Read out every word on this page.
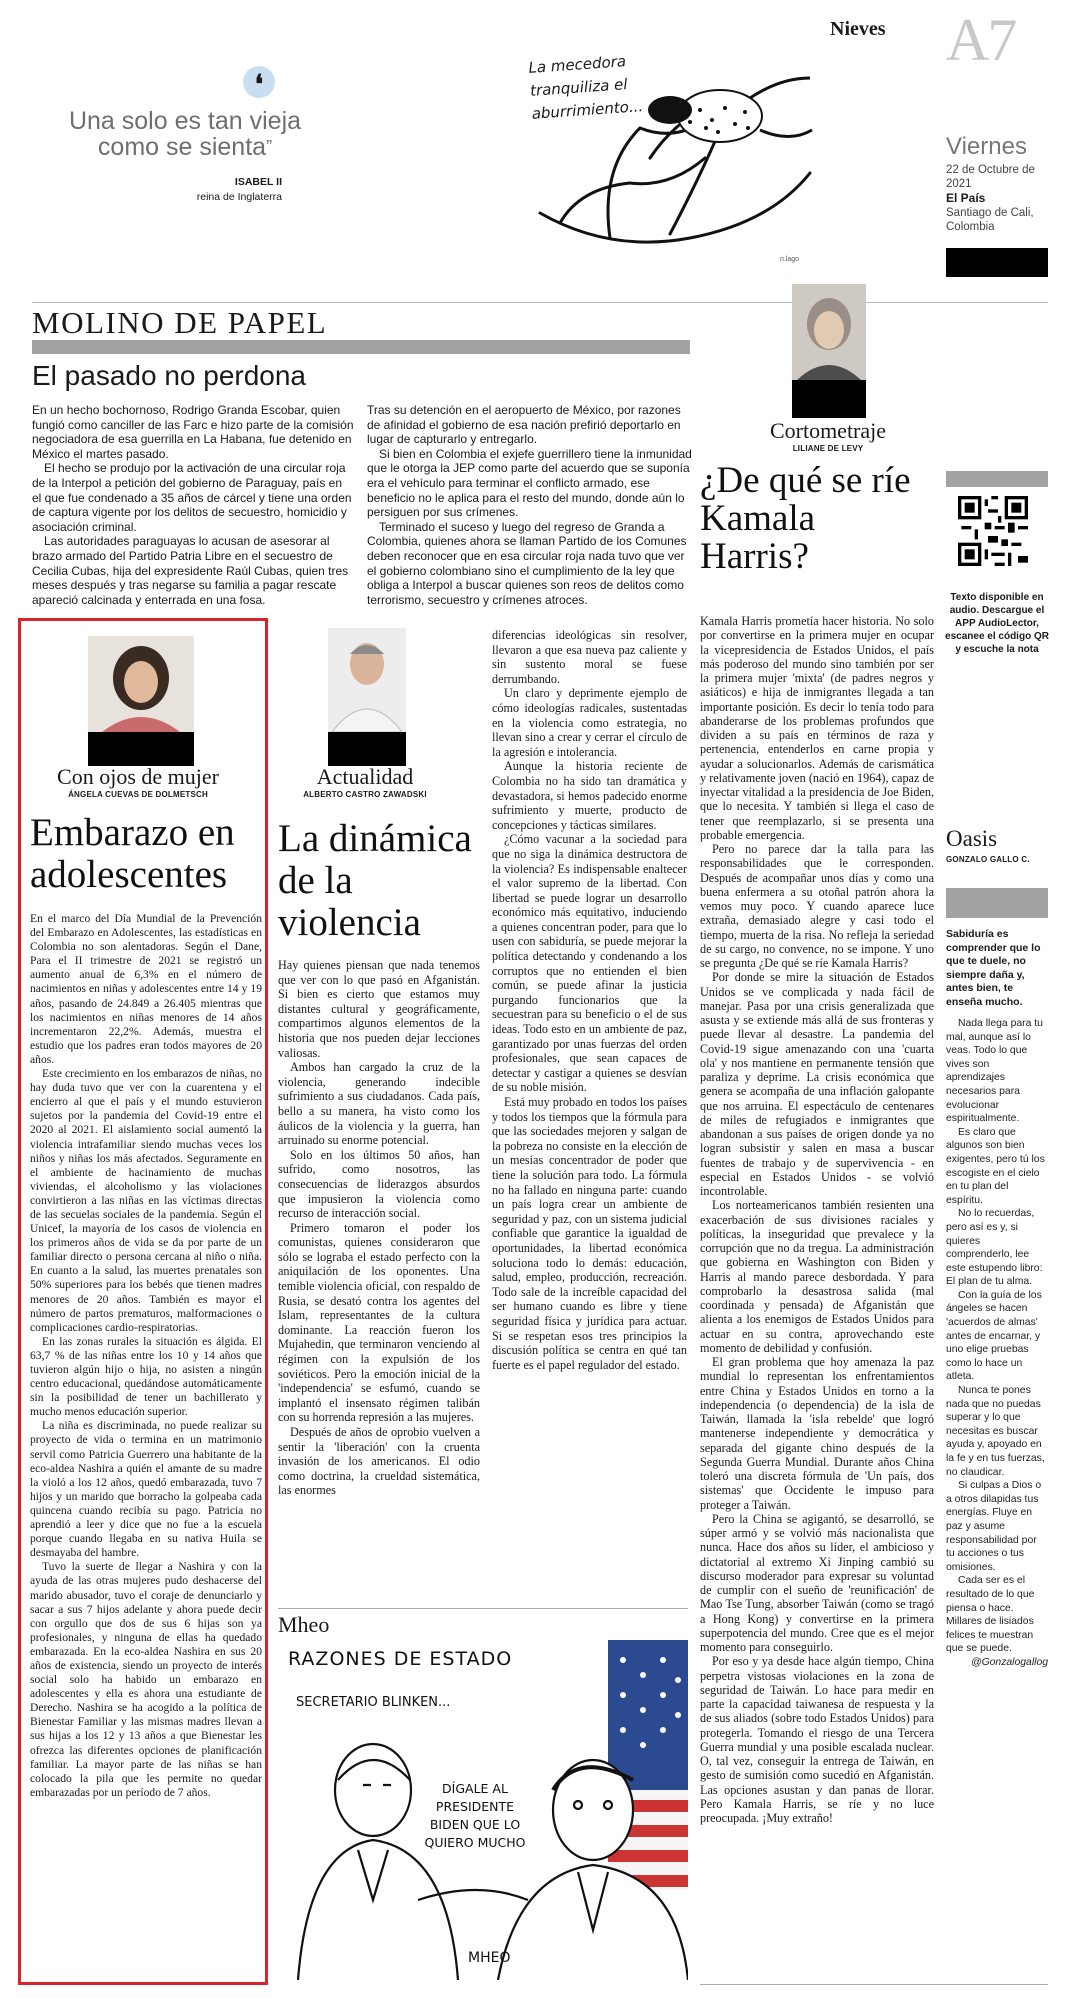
❛
Una solo es tan vieja
como se sienta”
ISABEL II
reina de Inglaterra
Nieves
La mecedora tranquiliza el aburrimiento...
n.lago
A7
Viernes
22 de Octubre de 2021
El País
Santiago de Cali, Colombia
MOLINO DE PAPEL
El pasado no perdona

En un hecho bochornoso, Rodrigo Granda Escobar, quien fungió como canciller de las Farc e hizo parte de la comisión negociadora de esa guerrilla en La Habana, fue detenido en México el martes pasado.

El hecho se produjo por la activación de una circular roja de la Interpol a petición del gobierno de Paraguay, país en el que fue condenado a 35 años de cárcel y tiene una orden de captura vigente por los delitos de secuestro, homicidio y asociación criminal.

Las autoridades paraguayas lo acusan de asesorar al brazo armado del Partido Patria Libre en el secuestro de Cecilia Cubas, hija del expresidente Raúl Cubas, quien tres meses después y tras negarse su familia a pagar rescate apareció calcinada y enterrada en una fosa.

Tras su detención en el aeropuerto de México, por razones de afinidad el gobierno de esa nación prefirió deportarlo en lugar de capturarlo y entregarlo.

Si bien en Colombia el exjefe guerrillero tiene la inmunidad que le otorga la JEP como parte del acuerdo que se suponía era el vehículo para terminar el conflicto armado, ese beneficio no le aplica para el resto del mundo, donde aún lo persiguen por sus crímenes.

Terminado el suceso y luego del regreso de Granda a Colombia, quienes ahora se llaman Partido de los Comunes deben reconocer que en esa circular roja nada tuvo que ver el gobierno colombiano sino el cumplimiento de la ley que obliga a Interpol a buscar quienes son reos de delitos como terrorismo, secuestro y crímenes atroces.

Cortometraje
LILIANE DE LEVY
¿De qué se ríe Kamala Harris?

Kamala Harris prometía hacer historia. No solo por convertirse en la primera mujer en ocupar la vicepresidencia de Estados Unidos, el país más poderoso del mundo sino también por ser la primera mujer 'mixta' (de padres negros y asiáticos) e hija de inmigrantes llegada a tan importante posición. Es decir lo tenía todo para abanderarse de los problemas profundos que dividen a su país en términos de raza y pertenencia, entenderlos en carne propia y ayudar a solucionarlos. Además de carismática y relativamente joven (nació en 1964), capaz de inyectar vitalidad a la presidencia de Joe Biden, que lo necesita. Y también si llega el caso de tener que reemplazarlo, si se presenta una probable emergencia.

Pero no parece dar la talla para las responsabilidades que le corresponden. Después de acompañar unos días y como una buena enfermera a su otoñal patrón ahora la vemos muy poco. Y cuando aparece luce extraña, demasiado alegre y casi todo el tiempo, muerta de la risa. No refleja la seriedad de su cargo, no convence, no se impone. Y uno se pregunta ¿De qué se ríe Kamala Harris?

Por donde se mire la situación de Estados Unidos se ve complicada y nada fácil de manejar. Pasa por una crisis generalizada que asusta y se extiende más allá de sus fronteras y puede llevar al desastre. La pandemia del Covid-19 sigue amenazando con una 'cuarta ola' y nos mantiene en permanente tensión que paraliza y deprime. La crisis económica que genera se acompaña de una inflación galopante que nos arruina. El espectáculo de centenares de miles de refugiados e inmigrantes que abandonan a sus países de origen donde ya no logran subsistir y salen en masa a buscar fuentes de trabajo y de supervivencia - en especial en Estados Unidos - se volvió incontrolable.

Los norteamericanos también resienten una exacerbación de sus divisiones raciales y políticas, la inseguridad que prevalece y la corrupción que no da tregua. La administración que gobierna en Washington con Biden y Harris al mando parece desbordada. Y para comprobarlo la desastrosa salida (mal coordinada y pensada) de Afganistán que alienta a los enemigos de Estados Unidos para actuar en su contra, aprovechando este momento de debilidad y confusión.

El gran problema que hoy amenaza la paz mundial lo representan los enfrentamientos entre China y Estados Unidos en torno a la independencia (o dependencia) de la isla de Taiwán, llamada la 'isla rebelde' que logró mantenerse independiente y democrática y separada del gigante chino después de la Segunda Guerra Mundial. Durante años China toleró una discreta fórmula de 'Un país, dos sistemas' que Occidente le impuso para proteger a Taiwán.

Pero la China se agigantó, se desarrolló, se súper armó y se volvió más nacionalista que nunca. Hace dos años su líder, el ambicioso y dictatorial al extremo Xi Jinping cambió su discurso moderador para expresar su voluntad de cumplir con el sueño de 'reunificación' de Mao Tse Tung, absorber Taiwán (como se tragó a Hong Kong) y convertirse en la primera superpotencia del mundo. Cree que es el mejor momento para conseguirlo.

Por eso y ya desde hace algún tiempo, China perpetra vistosas violaciones en la zona de seguridad de Taiwán. Lo hace para medir en parte la capacidad taiwanesa de respuesta y la de sus aliados (sobre todo Estados Unidos) para protegerla. Tomando el riesgo de una Tercera Guerra mundial y una posible escalada nuclear. O, tal vez, conseguir la entrega de Taiwán, en gesto de sumisión como sucedió en Afganistán. Las opciones asustan y dan panas de llorar. Pero Kamala Harris, se ríe y no luce preocupada. ¡Muy extraño!

Texto disponible en audio. Descargue el APP AudioLector, escanee el código QR y escuche la nota
Oasis
GONZALO GALLO C.
Sabiduría es comprender que lo que te duele, no siempre daña y, antes bien, te enseña mucho.

Nada llega para tu mal, aunque así lo veas. Todo lo que vives son aprendizajes necesarios para evolucionar espiritualmente.

Es claro que algunos son bien exigentes, pero tú los escogiste en el cielo en tu plan del espíritu.

No lo recuerdas, pero así es y, si quieres comprenderlo, lee este estupendo libro: El plan de tu alma.

Con la guía de los ángeles se hacen 'acuerdos de almas' antes de encarnar, y uno elige pruebas como lo hace un atleta.

Nunca te pones nada que no puedas superar y lo que necesitas es buscar ayuda y, apoyado en la fe y en tus fuerzas, no claudicar.

Si culpas a Dios o a otros dilapidas tus energías. Fluye en paz y asume responsabilidad por tu acciones o tus omisiones.

Cada ser es el resultado de lo que piensa o hace. Millares de lisiados felices te muestran que se puede.

@Gonzalogallog

Con ojos de mujer
ÁNGELA CUEVAS DE DOLMETSCH
Embarazo en adolescentes

En el marco del Día Mundial de la Prevención del Embarazo en Adolescentes, las estadísticas en Colombia no son alentadoras. Según el Dane, Para el II trimestre de 2021 se registró un aumento anual de 6,3% en el número de nacimientos en niñas y adolescentes entre 14 y 19 años, pasando de 24.849 a 26.405 mientras que los nacimientos en niñas menores de 14 años incrementaron 22,2%. Además, muestra el estudio que los padres eran todos mayores de 20 años.

Este crecimiento en los embarazos de niñas, no hay duda tuvo que ver con la cuarentena y el encierro al que el país y el mundo estuvieron sujetos por la pandemia del Covid-19 entre el 2020 al 2021. El aislamiento social aumentó la violencia intrafamiliar siendo muchas veces los niños y niñas los más afectados. Seguramente en el ambiente de hacinamiento de muchas viviendas, el alcoholismo y las violaciones convirtieron a las niñas en las víctimas directas de las secuelas sociales de la pandemia. Según el Unicef, la mayoría de los casos de violencia en los primeros años de vida se da por parte de un familiar directo o persona cercana al niño o niña. En cuanto a la salud, las muertes prenatales son 50% superiores para los bebés que tienen madres menores de 20 años. También es mayor el número de partos prematuros, malformaciones o complicaciones cardio-respiratorias.

En las zonas rurales la situación es álgida. El 63,7 % de las niñas entre los 10 y 14 años que tuvieron algún hijo o hija, no asisten a ningún centro educacional, quedándose automáticamente sin la posibilidad de tener un bachillerato y mucho menos educación superior.

La niña es discriminada, no puede realizar su proyecto de vida o termina en un matrimonio servil como Patricia Guerrero una habitante de la eco-aldea Nashira a quién el amante de su madre la violó a los 12 años, quedó embarazada, tuvo 7 hijos y un marido que borracho la golpeaba cada quincena cuando recibía su pago. Patricia no aprendió a leer y dice que no fue a la escuela porque cuando llegaba en su nativa Huila se desmayaba del hambre.

Tuvo la suerte de llegar a Nashira y con la ayuda de las otras mujeres pudo deshacerse del marido abusador, tuvo el coraje de denunciarlo y sacar a sus 7 hijos adelante y ahora puede decir con orgullo que dos de sus 6 hijas son ya profesionales, y ninguna de ellas ha quedado embarazada. En la eco-aldea Nashira en sus 20 años de existencia, siendo un proyecto de interés social solo ha habido un embarazo en adolescentes y ella es ahora una estudiante de Derecho. Nashira se ha acogido a la política de Bienestar Familiar y las mismas madres llevan a sus hijas a los 12 y 13 años a que Bienestar les ofrezca las diferentes opciones de planificación familiar. La mayor parte de las niñas se han colocado la pila que les permite no quedar embarazadas por un período de 7 años.

Actualidad
ALBERTO CASTRO ZAWADSKI
La dinámica de la violencia

Hay quienes piensan que nada tenemos que ver con lo que pasó en Afganistán. Si bien es cierto que estamos muy distantes cultural y geográficamente, compartimos algunos elementos de la historia que nos pueden dejar lecciones valiosas.

Ambos han cargado la cruz de la violencia, generando indecible sufrimiento a sus ciudadanos. Cada país, bello a su manera, ha visto como los áulicos de la violencia y la guerra, han arruinado su enorme potencial.

Solo en los últimos 50 años, han sufrido, como nosotros, las consecuencias de liderazgos absurdos que impusieron la violencia como recurso de interacción social.

Primero tomaron el poder los comunistas, quienes consideraron que sólo se lograba el estado perfecto con la aniquilación de los oponentes. Una temible violencia oficial, con respaldo de Rusia, se desató contra los agentes del Islam, representantes de la cultura dominante. La reacción fueron los Mujahedin, que terminaron venciendo al régimen con la expulsión de los soviéticos. Pero la emoción inicial de la 'independencia' se esfumó, cuando se implantó el insensato régimen talibán con su horrenda represión a las mujeres.

Después de años de oprobio vuelven a sentir la 'liberación' con la cruenta invasión de los americanos. El odio como doctrina, la crueldad sistemática, las enormes

diferencias ideológicas sin resolver, llevaron a que esa nueva paz caliente y sin sustento moral se fuese derrumbando.

Un claro y deprimente ejemplo de cómo ideologías radicales, sustentadas en la violencia como estrategia, no llevan sino a crear y cerrar el círculo de la agresión e intolerancia.

Aunque la historia reciente de Colombia no ha sido tan dramática y devastadora, si hemos padecido enorme sufrimiento y muerte, producto de concepciones y tácticas similares.

¿Cómo vacunar a la sociedad para que no siga la dinámica destructora de la violencia? Es indispensable enaltecer el valor supremo de la libertad. Con libertad se puede lograr un desarrollo económico más equitativo, induciendo a quienes concentran poder, para que lo usen con sabiduría, se puede mejorar la política detectando y condenando a los corruptos que no entienden el bien común, se puede afinar la justicia purgando funcionarios que la secuestran para su beneficio o el de sus ideas. Todo esto en un ambiente de paz, garantizado por unas fuerzas del orden profesionales, que sean capaces de detectar y castigar a quienes se desvían de su noble misión.

Está muy probado en todos los países y todos los tiempos que la fórmula para que las sociedades mejoren y salgan de la pobreza no consiste en la elección de un mesías concentrador de poder que tiene la solución para todo. La fórmula no ha fallado en ninguna parte: cuando un país logra crear un ambiente de seguridad y paz, con un sistema judicial confiable que garantice la igualdad de oportunidades, la libertad económica soluciona todo lo demás: educación, salud, empleo, producción, recreación. Todo sale de la increíble capacidad del ser humano cuando es libre y tiene seguridad física y jurídica para actuar. Si se respetan esos tres principios la discusión política se centra en qué tan fuerte es el papel regulador del estado.

Mheo
RAZONES DE ESTADO
SECRETARIO BLINKEN...
DÍGALE AL PRESIDENTE BIDEN QUE LO QUIERO MUCHO
MHEO
